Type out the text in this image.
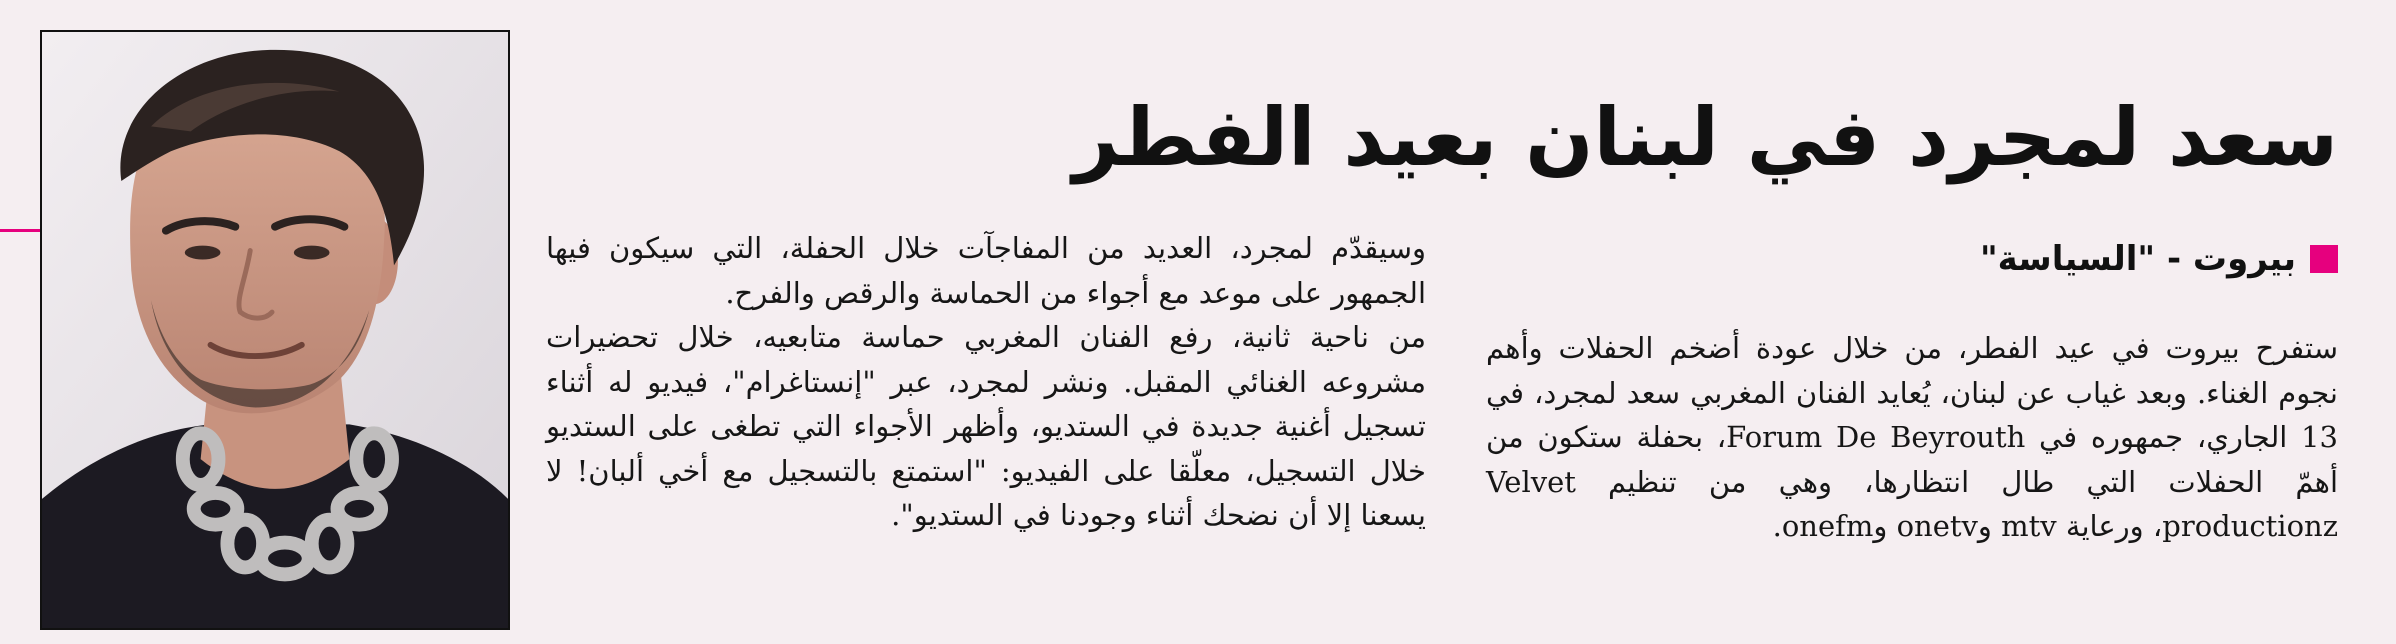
سعد لمجرد في لبنان بعيد الفطر
بيروت - "السياسة"

ستفرح بيروت في عيد الفطر، من خلال عودة أضخم الحفلات وأهم نجوم الغناء. وبعد غياب عن لبنان، يُعايد الفنان المغربي سعد لمجرد، في 13 الجاري، جمهوره في Forum De Beyrouth، بحفلة ستكون من أهمّ الحفلات التي طال انتظارها، وهي من تنظيم Velvet productionz، ورعاية mtv وonetv وonefm.

وسيقدّم لمجرد، العديد من المفاجآت خلال الحفلة، التي سيكون فيها الجمهور على موعد مع أجواء من الحماسة والرقص والفرح.

من ناحية ثانية، رفع الفنان المغربي حماسة متابعيه، خلال تحضيرات مشروعه الغنائي المقبل. ونشر لمجرد، عبر "إنستاغرام"، فيديو له أثناء تسجيل أغنية جديدة في الستديو، وأظهر الأجواء التي تطغى على الستديو خلال التسجيل، معلّقا على الفيديو: "استمتع بالتسجيل مع أخي ألبان! لا يسعنا إلا أن نضحك أثناء وجودنا في الستديو".
